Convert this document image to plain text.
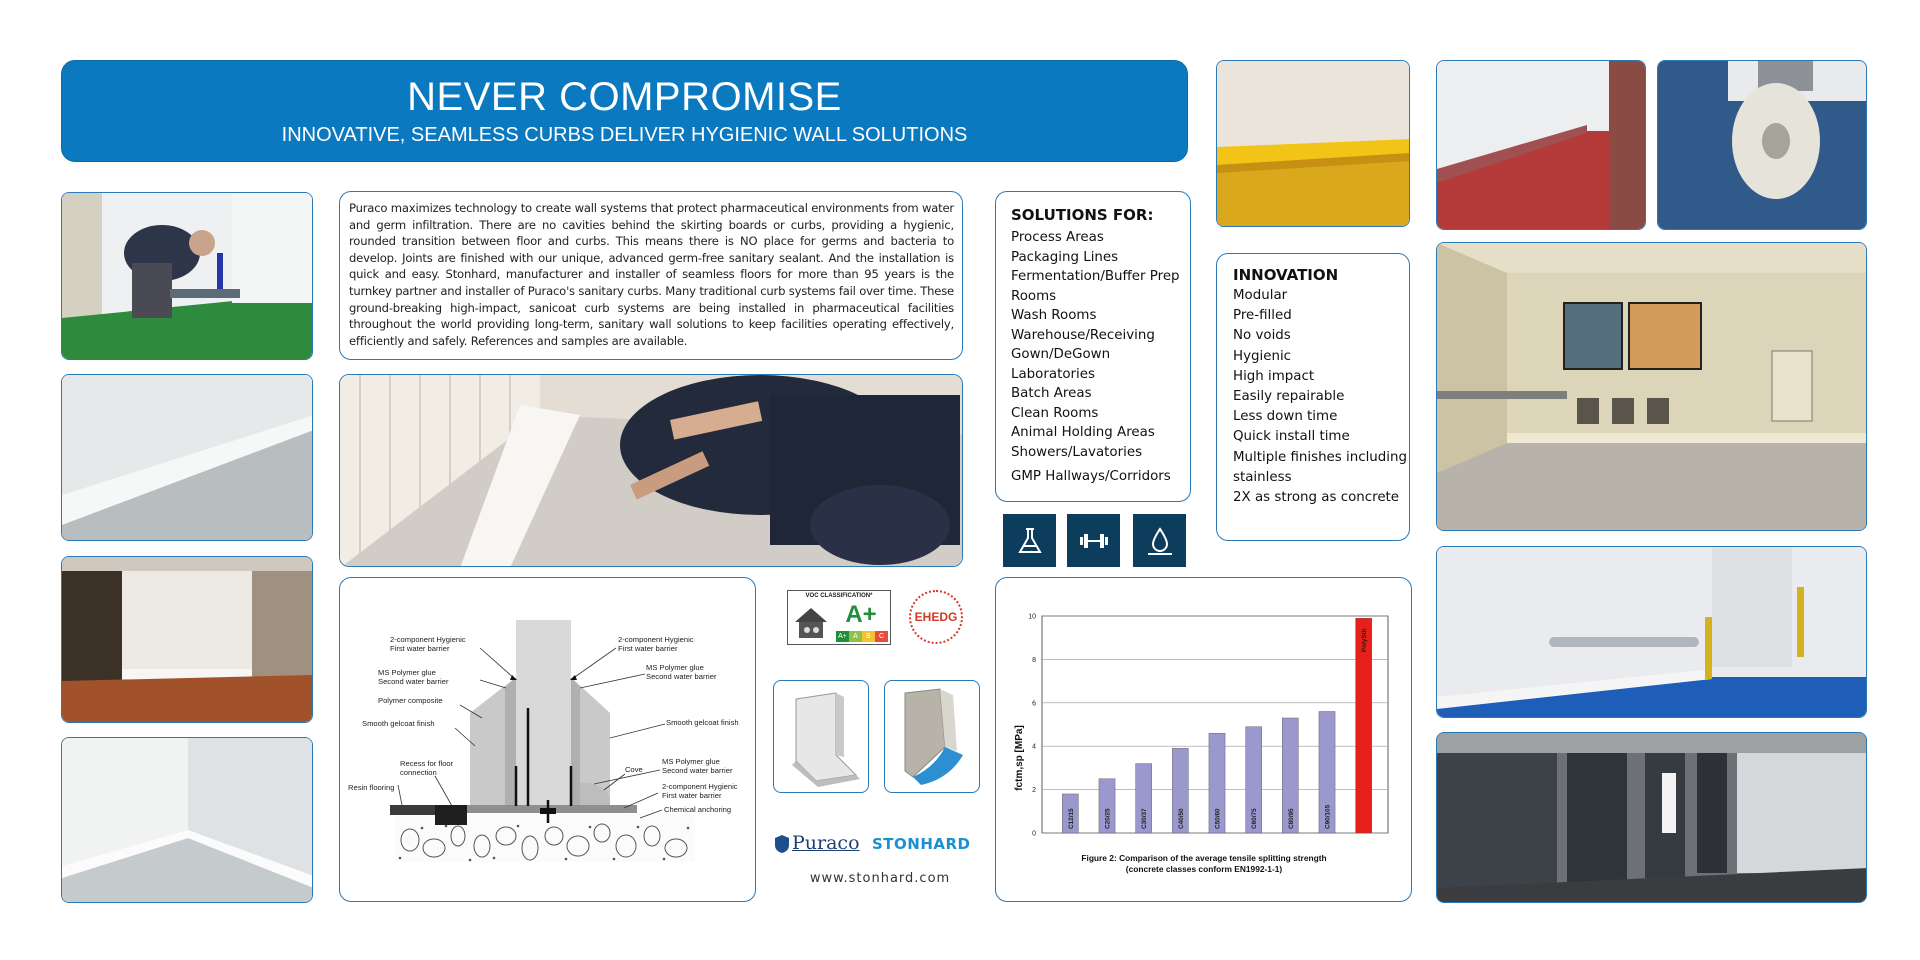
NEVER COMPROMISE
INNOVATIVE, SEAMLESS CURBS DELIVER HYGIENIC WALL SOLUTIONS

Puraco maximizes technology to create wall systems that protect pharmaceutical environments from water and germ infiltration. There are no cavities behind the skirting boards or curbs, providing a hygienic, rounded transition between floor and curbs. This means there is NO place for germs and bacteria to develop. Joints are finished with our unique, advanced germ-free sanitary sealant. And the installation is quick and easy. Stonhard, manufacturer and installer of seamless floors for more than 95 years is the turnkey partner and installer of Puraco's sanitary curbs. Many traditional curb systems fail over time. These ground-breaking high-impact, sanicoat curb systems are being installed in pharmaceutical facilities throughout the world providing long-term, sanitary wall solutions to keep facilities operating effectively, efficiently and safely. References and samples are available.

SOLUTIONS FOR:
Process Areas
Packaging Lines
Fermentation/Buffer Prep
Rooms
Wash Rooms
Warehouse/Receiving
Gown/DeGown
Laboratories
Batch Areas
Clean Rooms
Animal Holding Areas
Showers/Lavatories
GMP Hallways/Corridors
INNOVATION
Modular
Pre-filled
No voids
Hygienic
High impact
Easily repairable
Less down time
Quick install time
Multiple finishes including
stainless
2X as strong as concrete
2-component Hygienic
First water barrier
MS Polymer glue
Second water barrier
Polymer composite
Smooth gelcoat finish
Recess for floor
connection
Resin flooring
2-component Hygienic
First water barrier
MS Polymer glue
Second water barrier
Smooth gelcoat finish
MS Polymer glue
Second water barrier
Cove
2-component Hygienic
First water barrier
Chemical anchoring
VOC CLASSIFICATION*
A+
A+ A	B	C
EHEDG
Puraco STONHARD
www.stonhard.com
0
2
4
6
8
10
C12/15	C20/25	C30/37	C40/50	C50/60	C60/75	C80/95	C90/105
PolyStb
fctm,sp [MPa]
Figure 2: Comparison of the average tensile splitting strength
(concrete classes conform EN1992-1-1)
